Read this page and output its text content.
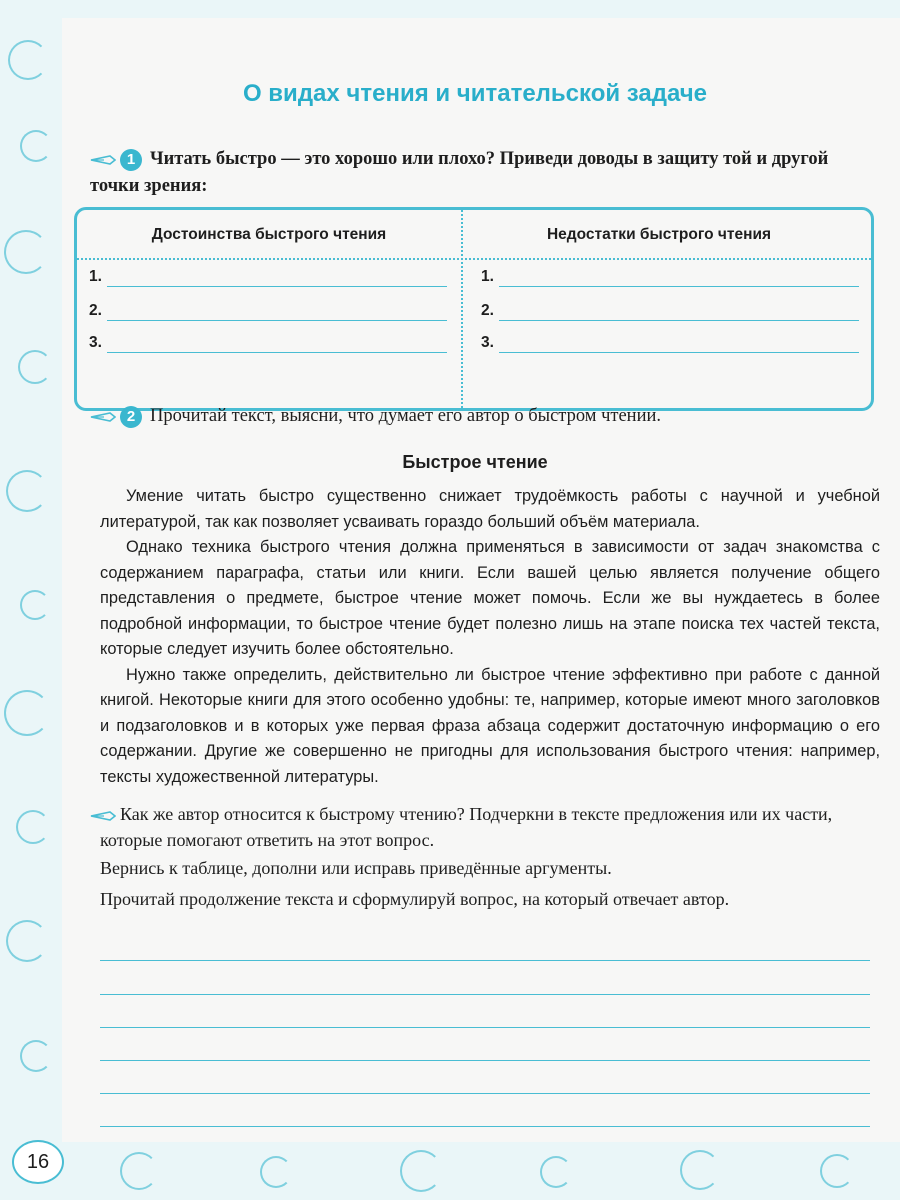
О видах чтения и читательской задаче
1 Читать быстро — это хорошо или плохо? Приведи доводы в защиту той и другой точки зрения:
Достоинства быстрого чтения	Недостатки быстрого чтения
1.
2.
3.
1.
2.
3.
2 Прочитай текст, выясни, что думает его автор о быстром чтении.
Быстрое чтение

Умение читать быстро существенно снижает трудоёмкость работы с научной и учебной литературой, так как позволяет усваивать гораздо больший объём материала.

Однако техника быстрого чтения должна применяться в зависимости от задач знакомства с содержанием параграфа, статьи или книги. Если вашей целью является получение общего представления о предмете, быстрое чтение может помочь. Если же вы нуждаетесь в более подробной информации, то быстрое чтение будет полезно лишь на этапе поиска тех частей текста, которые следует изучить более обстоятельно.

Нужно также определить, действительно ли быстрое чтение эффективно при работе с данной книгой. Некоторые книги для этого особенно удобны: те, например, которые имеют много заголовков и подзаголовков и в которых уже первая фраза абзаца содержит достаточную информацию о его содержании. Другие же совершенно не пригодны для использования быстрого чтения: например, тексты художественной литературы.

Как же автор относится к быстрому чтению? Подчеркни в тексте предложения или их части, которые помогают ответить на этот вопрос.

Вернись к таблице, дополни или исправь приведённые аргументы.

Прочитай продолжение текста и сформулируй вопрос, на который отвечает автор.

16
